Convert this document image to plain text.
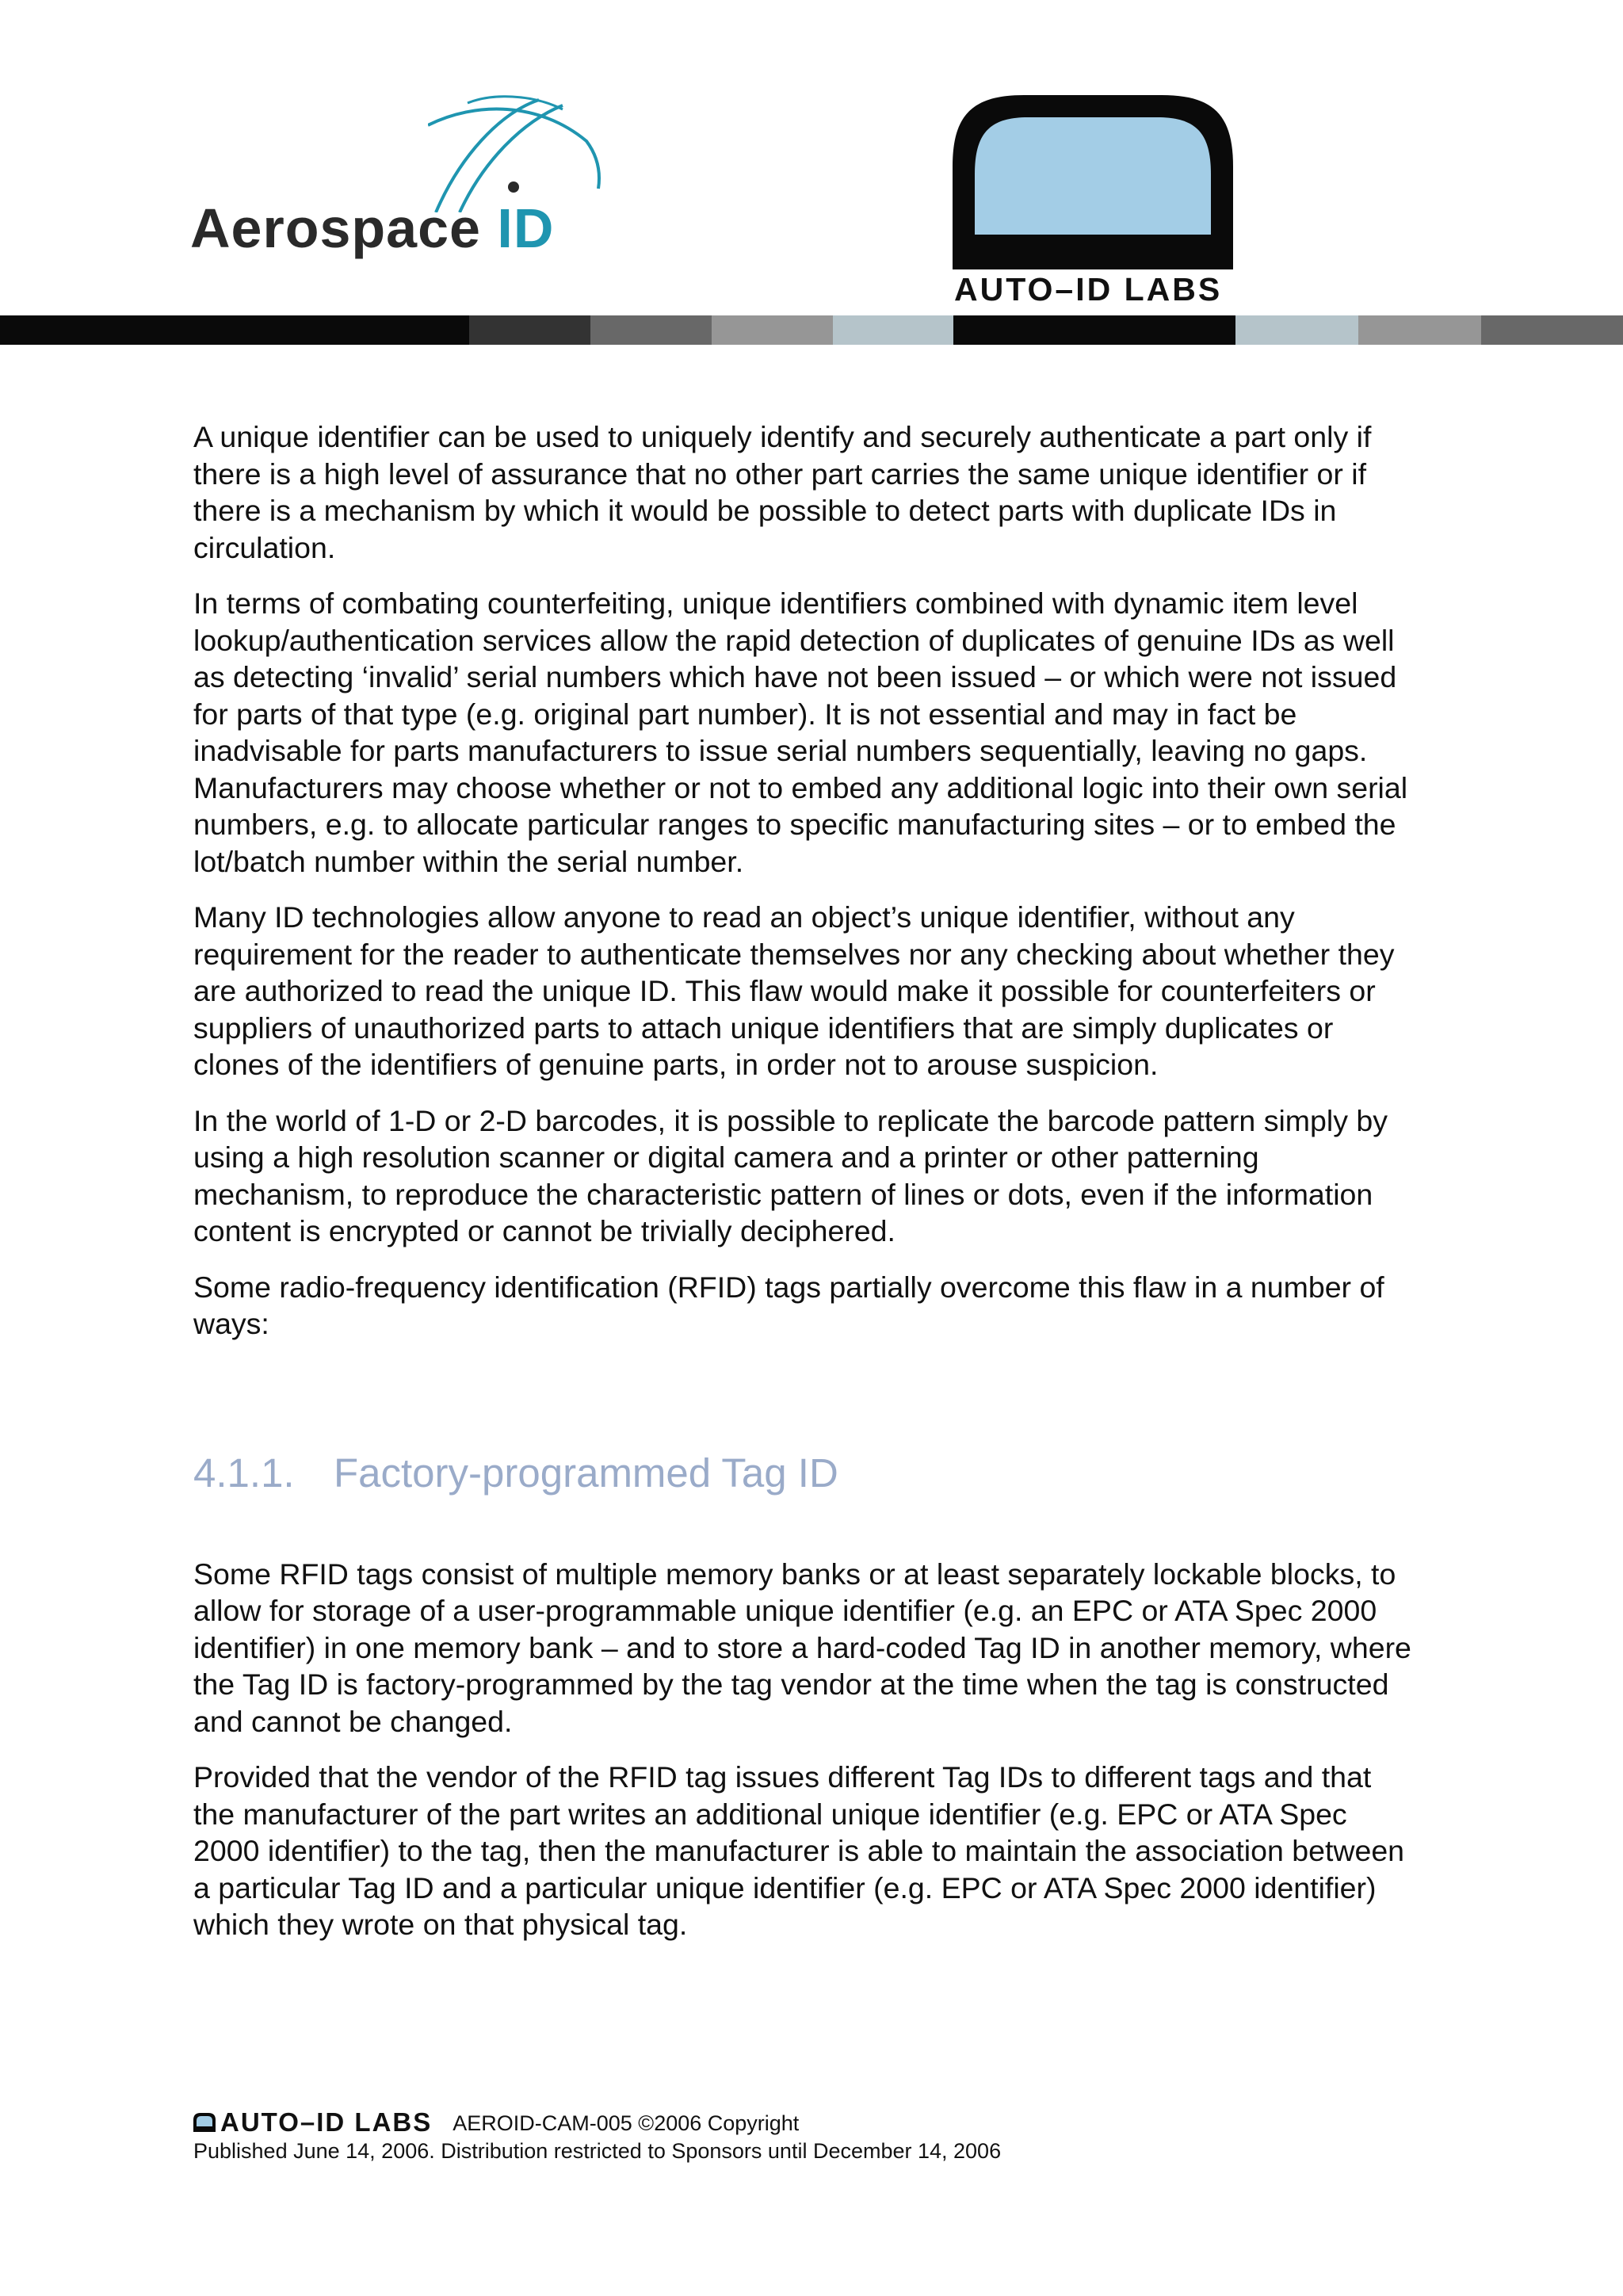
Aerospace ID
AUTO–ID LABS

A unique identifier can be used to uniquely identify and securely authenticate a part only if
there is a high level of assurance that no other part carries the same unique identifier or if
there is a mechanism by which it would be possible to detect parts with duplicate IDs in
circulation.

In terms of combating counterfeiting, unique identifiers combined with dynamic item level
lookup/authentication services allow the rapid detection of duplicates of genuine IDs as well
as detecting ‘invalid’ serial numbers which have not been issued – or which were not issued
for parts of that type (e.g. original part number). It is not essential and may in fact be
inadvisable for parts manufacturers to issue serial numbers sequentially, leaving no gaps.
Manufacturers may choose whether or not to embed any additional logic into their own serial
numbers, e.g. to allocate particular ranges to specific manufacturing sites – or to embed the
lot/batch number within the serial number.

Many ID technologies allow anyone to read an object’s unique identifier, without any
requirement for the reader to authenticate themselves nor any checking about whether they
are authorized to read the unique ID. This flaw would make it possible for counterfeiters or
suppliers of unauthorized parts to attach unique identifiers that are simply duplicates or
clones of the identifiers of genuine parts, in order not to arouse suspicion.

In the world of 1-D or 2-D barcodes, it is possible to replicate the barcode pattern simply by
using a high resolution scanner or digital camera and a printer or other patterning
mechanism, to reproduce the characteristic pattern of lines or dots, even if the information
content is encrypted or cannot be trivially deciphered.

Some radio-frequency identification (RFID) tags partially overcome this flaw in a number of
ways:

4.1.1. Factory-programmed Tag ID

Some RFID tags consist of multiple memory banks or at least separately lockable blocks, to
allow for storage of a user-programmable unique identifier (e.g. an EPC or ATA Spec 2000
identifier) in one memory bank – and to store a hard-coded Tag ID in another memory, where
the Tag ID is factory-programmed by the tag vendor at the time when the tag is constructed
and cannot be changed.

Provided that the vendor of the RFID tag issues different Tag IDs to different tags and that
the manufacturer of the part writes an additional unique identifier (e.g. EPC or ATA Spec
2000 identifier) to the tag, then the manufacturer is able to maintain the association between
a particular Tag ID and a particular unique identifier (e.g. EPC or ATA Spec 2000 identifier)
which they wrote on that physical tag.

AUTO–ID LABS AEROID-CAM-005 ©2006 Copyright
Published June 14, 2006. Distribution restricted to Sponsors until December 14, 2006
